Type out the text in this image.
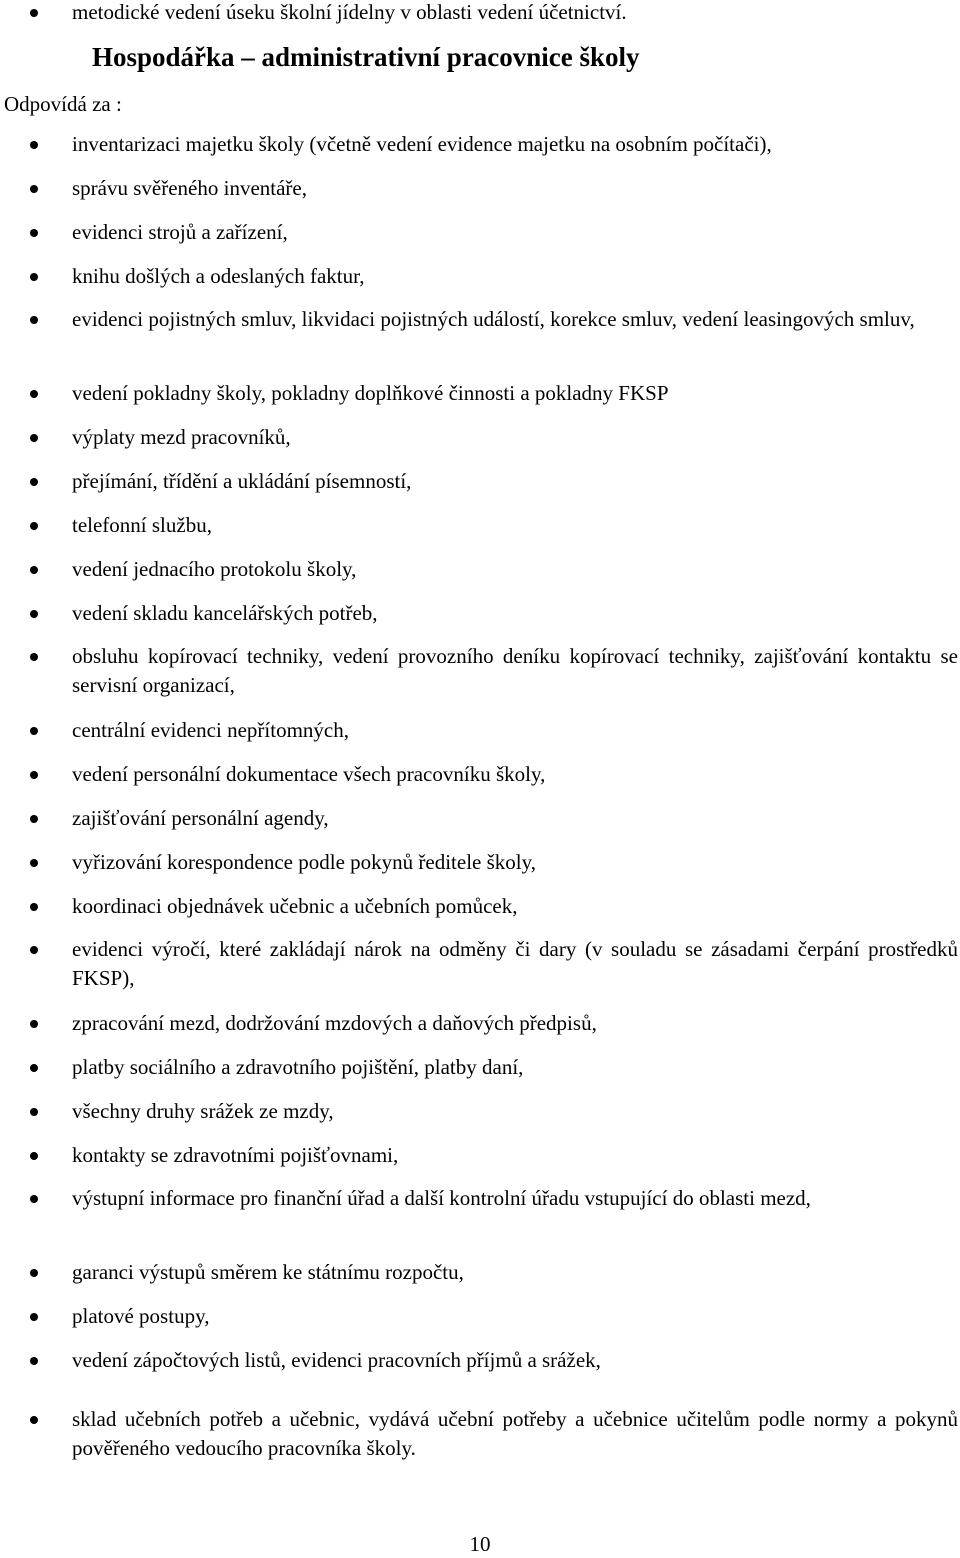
metodické vedení úseku školní jídelny v oblasti vedení účetnictví.
Hospodářka – administrativní pracovnice školy
Odpovídá za :
inventarizaci majetku školy (včetně vedení evidence majetku na osobním počítači),
správu svěřeného inventáře,
evidenci strojů a zařízení,
knihu došlých a odeslaných faktur,
evidenci pojistných smluv, likvidaci pojistných událostí, korekce smluv, vedení leasingových smluv,
vedení pokladny školy, pokladny doplňkové činnosti a pokladny FKSP
výplaty mezd pracovníků,
přejímání, třídění a ukládání písemností,
telefonní službu,
vedení jednacího protokolu školy,
vedení skladu kancelářských potřeb,
obsluhu kopírovací techniky, vedení provozního deníku kopírovací techniky, zajišťování kontaktu se servisní organizací,
centrální evidenci nepřítomných,
vedení personální dokumentace všech pracovníku školy,
zajišťování personální agendy,
vyřizování korespondence podle pokynů ředitele školy,
koordinaci objednávek učebnic a učebních pomůcek,
evidenci výročí, které zakládají nárok na odměny či dary (v souladu se zásadami čerpání prostředků FKSP),
zpracování mezd, dodržování mzdových a daňových předpisů,
platby sociálního a zdravotního pojištění, platby daní,
všechny druhy srážek ze mzdy,
kontakty se zdravotními pojišťovnami,
výstupní informace pro finanční úřad a další kontrolní úřadu vstupující do oblasti mezd,
garanci výstupů směrem ke státnímu rozpočtu,
platové postupy,
vedení zápočtových listů, evidenci pracovních příjmů a srážek,
sklad učebních potřeb a učebnic, vydává učební potřeby a učebnice učitelům podle normy a pokynů pověřeného vedoucího pracovníka školy.
10
